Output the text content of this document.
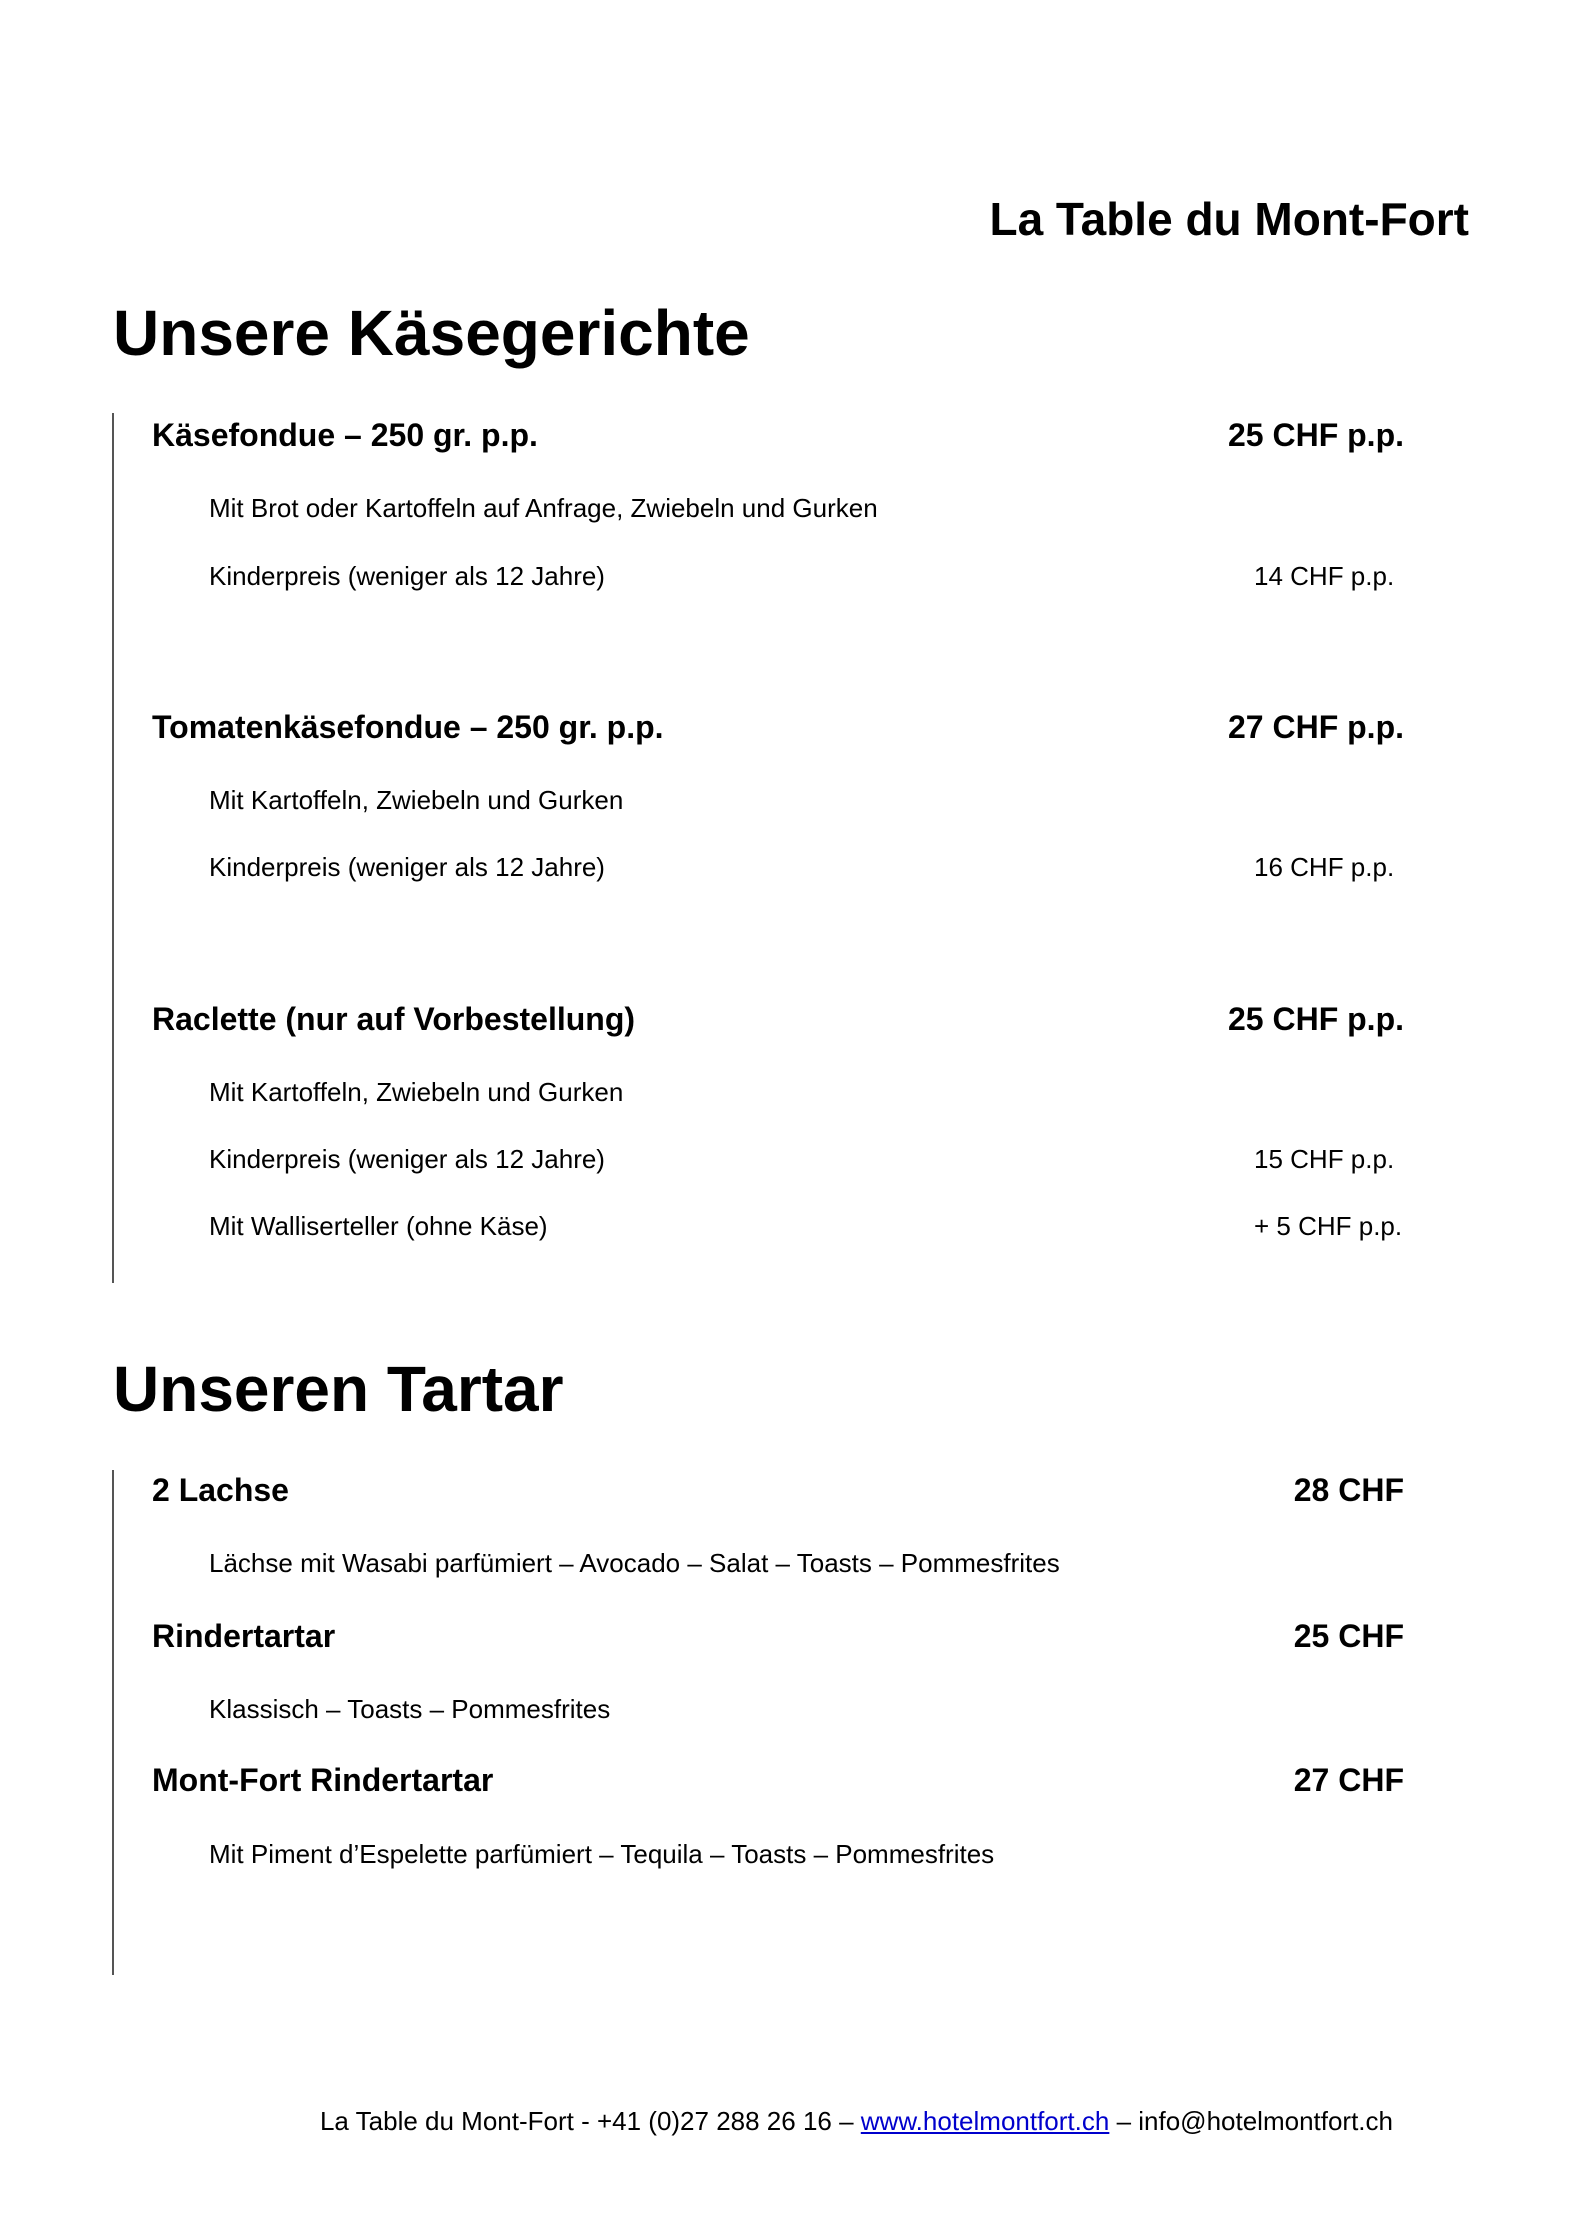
La Table du Mont-Fort
Unsere Käsegerichte
Käsefondue – 250 gr. p.p.	25 CHF p.p.
Mit Brot oder Kartoffeln auf Anfrage, Zwiebeln und Gurken
Kinderpreis (weniger als 12 Jahre)	14 CHF p.p.
Tomatenkäsefondue – 250 gr. p.p.	27 CHF p.p.
Mit Kartoffeln, Zwiebeln und Gurken
Kinderpreis (weniger als 12 Jahre)	16 CHF p.p.
Raclette (nur auf Vorbestellung)	25 CHF p.p.
Mit Kartoffeln, Zwiebeln und Gurken
Kinderpreis (weniger als 12 Jahre)	15 CHF p.p.
Mit Walliserteller (ohne Käse)	+ 5 CHF p.p.
Unseren Tartar
2 Lachse	28 CHF
Lächse mit Wasabi parfümiert – Avocado – Salat – Toasts – Pommesfrites
Rindertartar	25 CHF
Klassisch – Toasts – Pommesfrites
Mont-Fort Rindertartar	27 CHF
Mit Piment d’Espelette parfümiert – Tequila – Toasts – Pommesfrites
La Table du Mont-Fort - +41 (0)27 288 26 16 – www.hotelmontfort.ch – info@hotelmontfort.ch
